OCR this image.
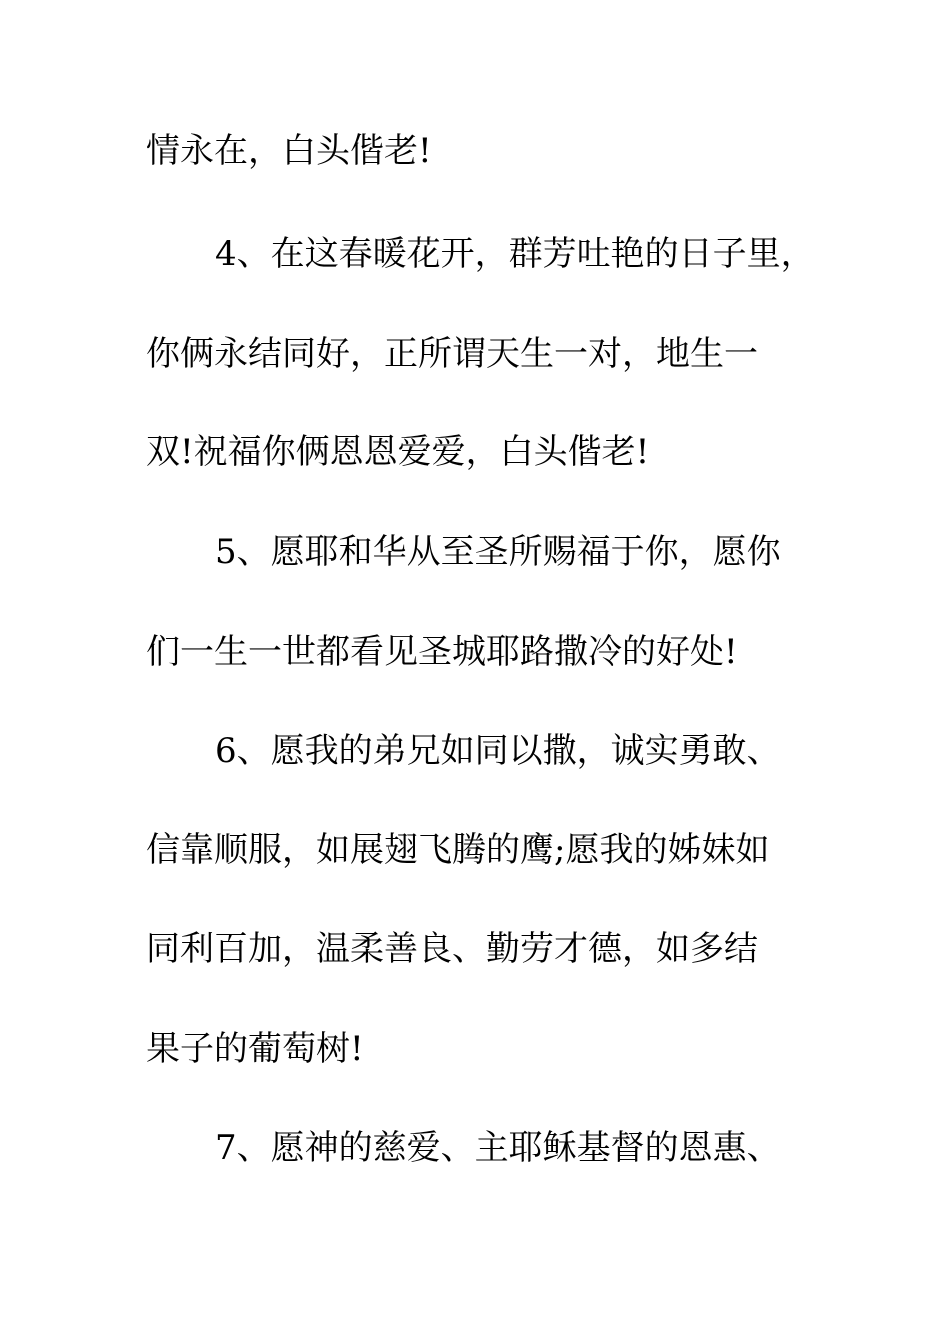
情永在，白头偕老!
4、在这春暖花开，群芳吐艳的日子里，
你俩永结同好，正所谓天生一对，地生一
双!祝福你俩恩恩爱爱，白头偕老!
5、愿耶和华从至圣所赐福于你，愿你
们一生一世都看见圣城耶路撒冷的好处!
6、愿我的弟兄如同以撒，诚实勇敢、
信靠顺服，如展翅飞腾的鹰;愿我的姊妹如
同利百加，温柔善良、勤劳才德，如多结
果子的葡萄树!
7、愿神的慈爱、主耶稣基督的恩惠、
